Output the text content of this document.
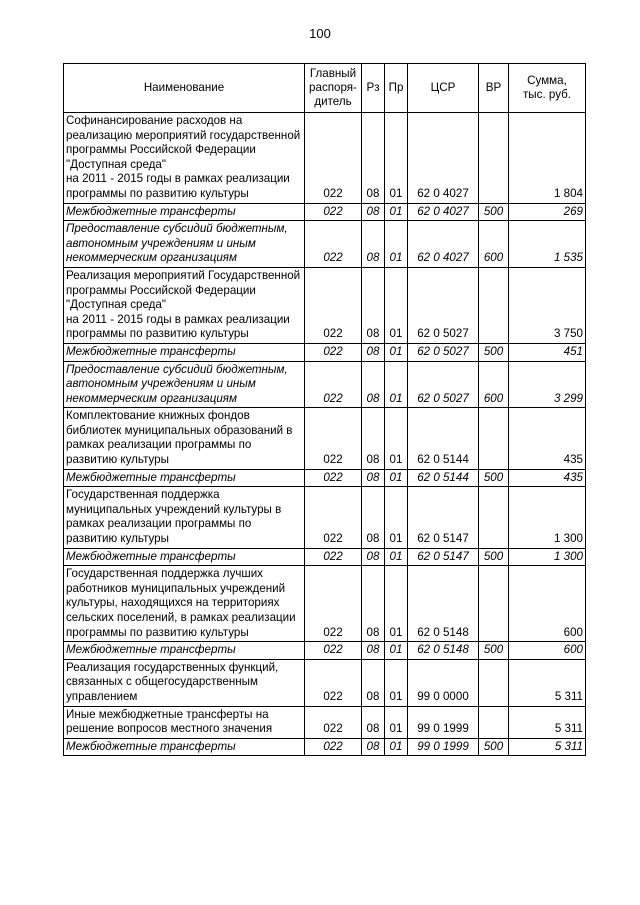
100
Наименование	Главный
распоря-
дитель	Рз	Пр	ЦСР	ВР	Сумма,
тыс. руб.
Софинансирование расходов на реализацию мероприятий государственной программы Российской Федерации "Доступная среда"
на 2011 - 2015 годы в рамках реализации программы по развитию культуры	022	08	01	62 0 4027		1 804
Межбюджетные трансферты	022	08	01	62 0 4027	500	269
Предоставление субсидий бюджетным, автономным учреждениям и иным некоммерческим организациям	022	08	01	62 0 4027	600	1 535
Реализация мероприятий Государственной программы Российской Федерации "Доступная среда"
на 2011 - 2015 годы в рамках реализации программы по развитию культуры	022	08	01	62 0 5027		3 750
Межбюджетные трансферты	022	08	01	62 0 5027	500	451
Предоставление субсидий бюджетным, автономным учреждениям и иным некоммерческим организациям	022	08	01	62 0 5027	600	3 299
Комплектование книжных фондов библиотек муниципальных образований в рамках реализации программы по развитию культуры	022	08	01	62 0 5144		435
Межбюджетные трансферты	022	08	01	62 0 5144	500	435
Государственная поддержка муниципальных учреждений культуры в рамках реализации программы по развитию культуры	022	08	01	62 0 5147		1 300
Межбюджетные трансферты	022	08	01	62 0 5147	500	1 300
Государственная поддержка лучших работников муниципальных учреждений культуры, находящихся на территориях сельских поселений, в рамках реализации программы по развитию культуры	022	08	01	62 0 5148		600
Межбюджетные трансферты	022	08	01	62 0 5148	500	600
Реализация государственных функций, связанных с общегосударственным управлением	022	08	01	99 0 0000		5 311
Иные межбюджетные трансферты на решение вопросов местного значения	022	08	01	99 0 1999		5 311
Межбюджетные трансферты	022	08	01	99 0 1999	500	5 311
